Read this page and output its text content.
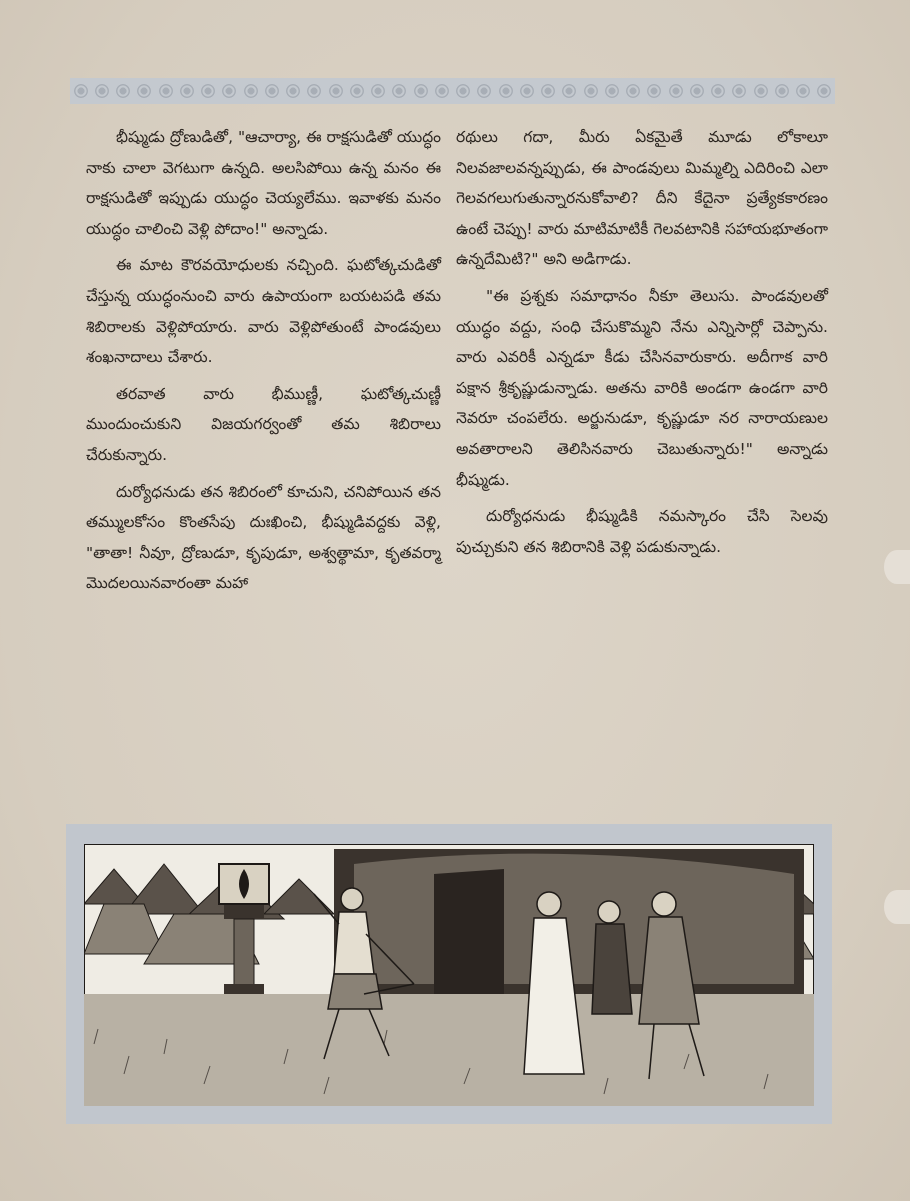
భీష్ముడు ద్రోణుడితో, "ఆచార్యా, ఈ రాక్షసుడితో యుద్ధం నాకు చాలా వెగటుగా ఉన్నది. అలసిపోయి ఉన్న మనం ఈ రాక్షసుడితో ఇప్పుడు యుద్ధం చెయ్యలేము. ఇవాళకు మనం యుద్ధం చాలించి వెళ్లి పోదాం!" అన్నాడు.

ఈ మాట కౌరవయోధులకు నచ్చింది. ఘటోత్కచుడితో చేస్తున్న యుద్ధంనుంచి వారు ఉపాయంగా బయటపడి తమ శిబిరాలకు వెళ్లిపోయారు. వారు వెళ్లిపోతుంటే పాండవులు శంఖనాదాలు చేశారు.

తరవాత వారు భీముణ్ణీ, ఘటోత్కచుణ్ణీ ముందుంచుకుని విజయగర్వంతో తమ శిబిరాలు చేరుకున్నారు.

దుర్యోధనుడు తన శిబిరంలో కూచుని, చనిపోయిన తన తమ్ములకోసం కొంతసేపు దుఃఖించి, భీష్ముడివద్దకు వెళ్లి, "తాతా! నీవూ, ద్రోణుడూ, కృపుడూ, అశ్వత్థామా, కృతవర్మా మొదలయినవారంతా మహా

రథులు గదా, మీరు ఏకమైతే మూడు లోకాలూ నిలవజాలవన్నప్పుడు, ఈ పాండవులు మిమ్మల్ని ఎదిరించి ఎలా గెలవగలుగుతున్నారనుకోవాలి? దీని కేదైనా ప్రత్యేకకారణం ఉంటే చెప్పు! వారు మాటిమాటికీ గెలవటానికి సహాయభూతంగా ఉన్నదేమిటి?" అని అడిగాడు.

"ఈ ప్రశ్నకు సమాధానం నీకూ తెలుసు. పాండవులతో యుద్ధం వద్దు, సంధి చేసుకొమ్మని నేను ఎన్నిసార్లో చెప్పాను. వారు ఎవరికీ ఎన్నడూ కీడు చేసినవారుకారు. అదీగాక వారి పక్షాన శ్రీకృష్ణుడున్నాడు. అతను వారికి అండగా ఉండగా వారి నెవరూ చంపలేరు. అర్జునుడూ, కృష్ణుడూ నర నారాయణుల అవతారాలని తెలిసినవారు చెబుతున్నారు!" అన్నాడు భీష్ముడు.

దుర్యోధనుడు భీష్ముడికి నమస్కారం చేసి సెలవు పుచ్చుకుని తన శిబిరానికి వెళ్లి పడుకున్నాడు.
